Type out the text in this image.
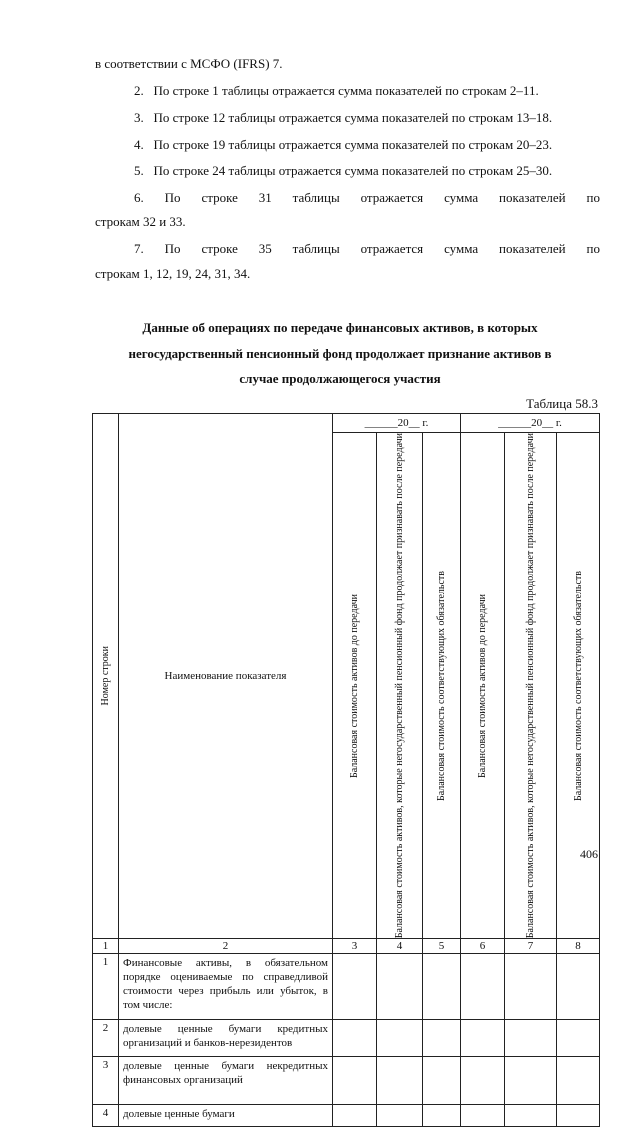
в соответствии с МСФО (IFRS) 7.
2.   По строке 1 таблицы отражается сумма показателей по строкам 2–11.
3.   По строке 12 таблицы отражается сумма показателей по строкам 13–18.
4.   По строке 19 таблицы отражается сумма показателей по строкам 20–23.
5.   По строке 24 таблицы отражается сумма показателей по строкам 25–30.
6. По строке 31 таблицы отражается сумма показателей по
строкам 32 и 33.
7. По строке 35 таблицы отражается сумма показателей по
строкам 1, 12, 19, 24, 31, 34.
Данные об операциях по передаче финансовых активов, в которых
негосударственный пенсионный фонд продолжает признание активов в
случае продолжающегося участия
Таблица 58.3
Номер строки	Наименование показателя	______20__ г.			______20__ г.		

		Балансовая стоимость активов до передачи	Балансовая стоимость активов, которые негосударственный пенсионный фонд продолжает признавать после передачи	Балансовая стоимость соответствующих обязательств	Балансовая стоимость активов до передачи	Балансовая стоимость активов, которые негосударственный пенсионный фонд продолжает признавать после передачи	Балансовая стоимость соответствующих обязательств

1	2	3	4	5	6	7	8
1	Финансовые активы, в обязательном порядке оцениваемые по справедливой стоимости через прибыль или убыток, в том числе:						
2	долевые ценные бумаги кредитных организаций и банков-нерезидентов						
3	долевые ценные бумаги некредитных финансовых организаций						
4	долевые ценные бумаги						
406
